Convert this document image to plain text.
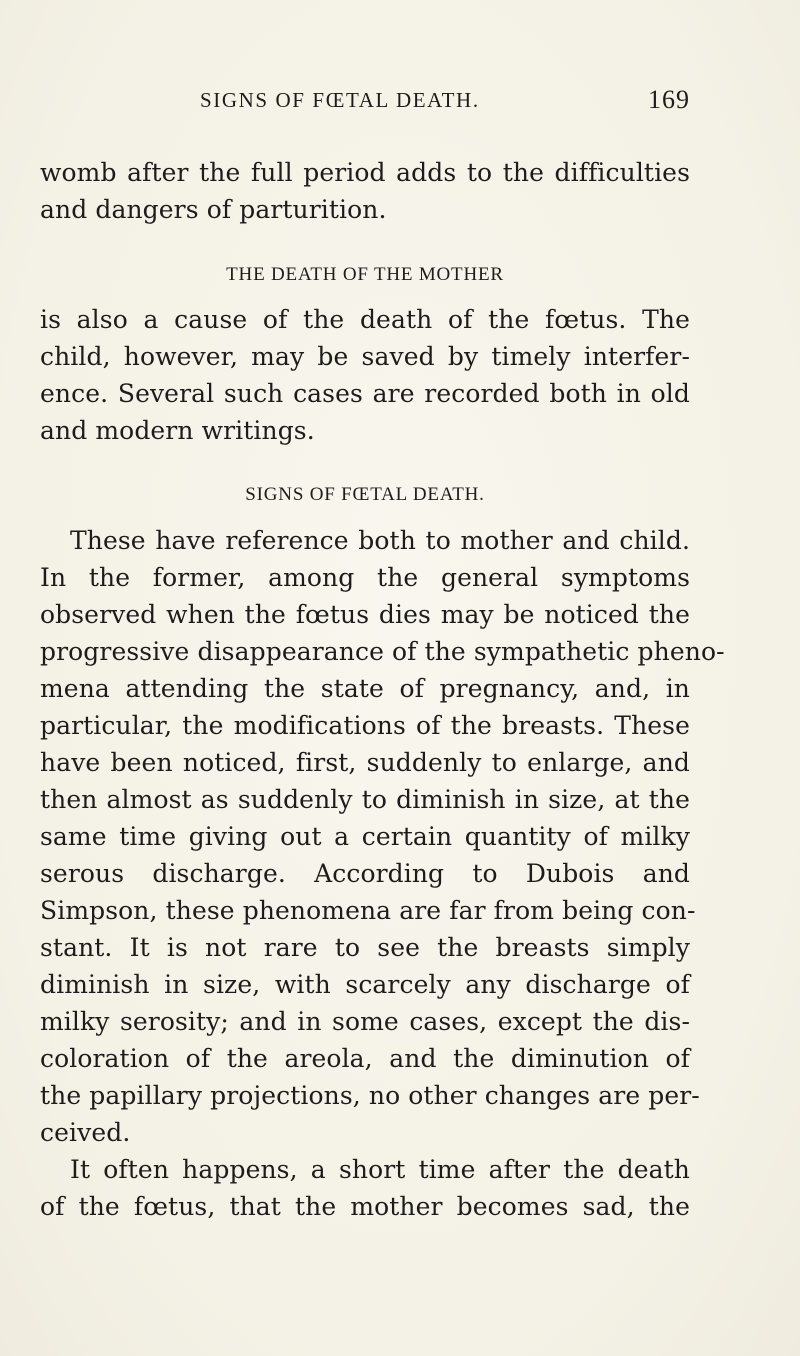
SIGNS OF FŒTAL DEATH.	169
womb after the full period adds to the difficulties
and dangers of parturition.
THE DEATH OF THE MOTHER
is also a cause of the death of the fœtus. The
child, however, may be saved by timely interfer-
ence. Several such cases are recorded both in old
and modern writings.
SIGNS OF FŒTAL DEATH.
These have reference both to mother and child.
In the former, among the general symptoms
observed when the fœtus dies may be noticed the
progressive disappearance of the sympathetic pheno-
mena attending the state of pregnancy, and, in
particular, the modifications of the breasts. These
have been noticed, first, suddenly to enlarge, and
then almost as suddenly to diminish in size, at the
same time giving out a certain quantity of milky
serous discharge. According to Dubois and
Simpson, these phenomena are far from being con-
stant. It is not rare to see the breasts simply
diminish in size, with scarcely any discharge of
milky serosity; and in some cases, except the dis-
coloration of the areola, and the diminution of
the papillary projections, no other changes are per-
ceived.
It often happens, a short time after the death
of the fœtus, that the mother becomes sad, the
